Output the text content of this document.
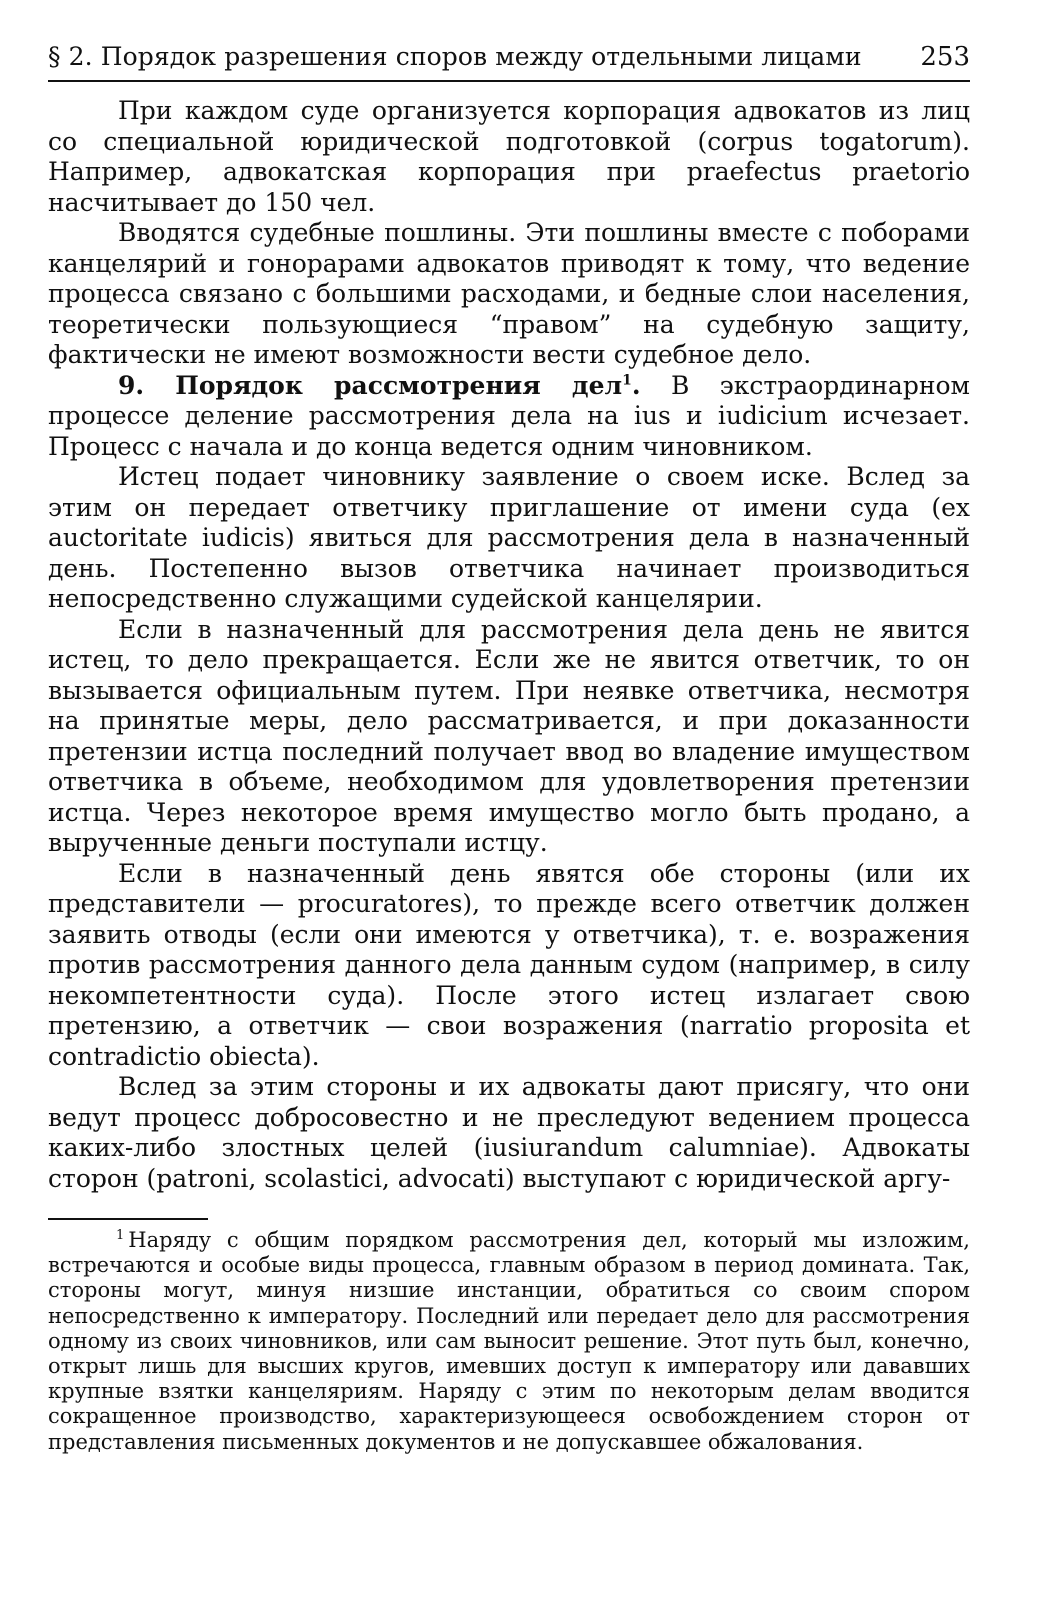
§ 2. Порядок разрешения споров между отдельными лицами 253

При каждом суде организуется корпорация адвокатов из лиц со специальной юридической подготовкой (corpus togatorum). Например, адвокатская корпорация при praefectus praetorio насчитывает до 150 чел.

Вводятся судебные пошлины. Эти пошлины вместе с поборами канцелярий и гонорарами адвокатов приводят к тому, что ведение процесса связано с большими расходами, и бедные слои населения, теоретически пользующиеся “правом” на судебную защиту, фактически не имеют возможности вести судебное дело.

9. Порядок рассмотрения дел$^1$. В экстраординарном процессе деление рассмотрения дела на ius и iudicium исчезает. Процесс с начала и до конца ведется одним чиновником.

Истец подает чиновнику заявление о своем иске. Вслед за этим он передает ответчику приглашение от имени суда (ex auctoritate iudicis) явиться для рассмотрения дела в назначенный день. Постепенно вызов ответчика начинает производиться непосредственно служащими судейской канцелярии.

Если в назначенный для рассмотрения дела день не явится истец, то дело прекращается. Если же не явится ответчик, то он вызывается официальным путем. При неявке ответчика, несмотря на принятые меры, дело рассматривается, и при доказанности претензии истца последний получает ввод во владение имуществом ответчика в объеме, необходимом для удовлетворения претензии истца. Через некоторое время имущество могло быть продано, а вырученные деньги поступали истцу.

Если в назначенный день явятся обе стороны (или их представители — procuratores), то прежде всего ответчик должен заявить отводы (если они имеются у ответчика), т. е. возражения против рассмотрения данного дела данным судом (например, в силу некомпетентности суда). После этого истец излагает свою претензию, а ответчик — свои возражения (narratio proposita et contradictio obiecta).

Вслед за этим стороны и их адвокаты дают присягу, что они ведут процесс добросовестно и не преследуют ведением процесса каких-либо злостных целей (iusiurandum calumniae). Адвокаты сторон (patroni, scolastici, advocati) выступают с юридической аргу-

$^1$ Наряду с общим порядком рассмотрения дел, который мы изложим, встречаются и особые виды процесса, главным образом в период домината. Так, стороны могут, минуя низшие инстанции, обратиться со своим спором непосредственно к императору. Последний или передает дело для рассмотрения одному из своих чиновников, или сам выносит решение. Этот путь был, конечно, открыт лишь для высших кругов, имевших доступ к императору или дававших крупные взятки канцеляриям. Наряду с этим по некоторым делам вводится сокращенное производство, характеризующееся освобождением сторон от представления письменных документов и не допускавшее обжалования.
